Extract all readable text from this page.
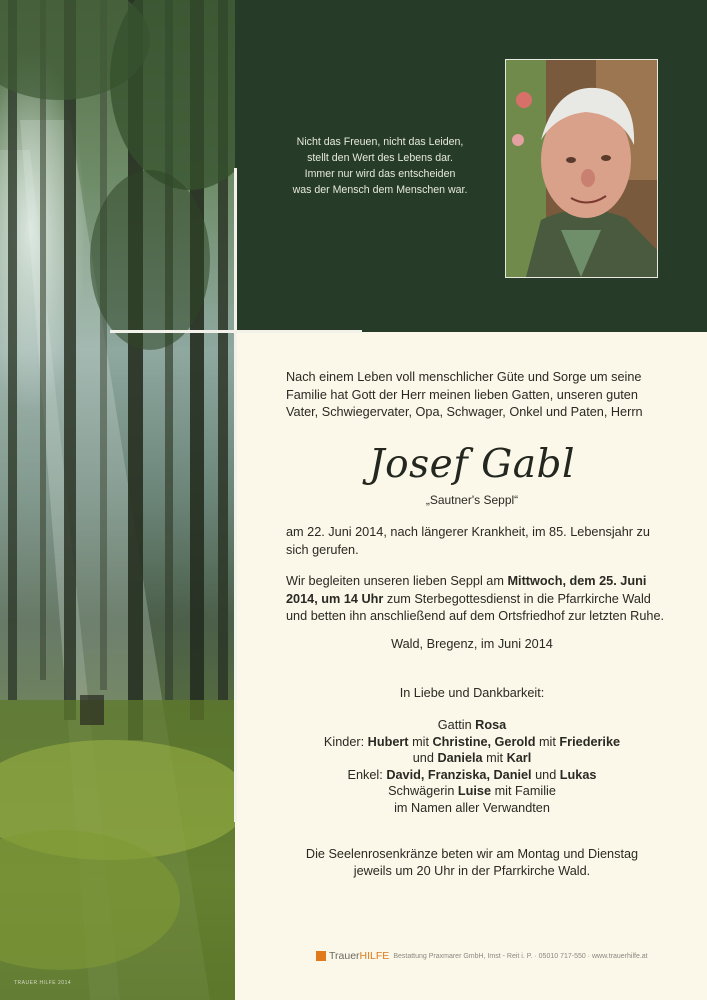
TRAUER HILFE 2014
Nicht das Freuen, nicht das Leiden,
stellt den Wert des Lebens dar.
Immer nur wird das entscheiden
was der Mensch dem Menschen war.
Nach einem Leben voll menschlicher Güte und Sorge um seine
Familie hat Gott der Herr meinen lieben Gatten, unseren guten
Vater, Schwiegervater, Opa, Schwager, Onkel und Paten, Herrn
Josef Gabl
„Sautner's Seppl“
am 22. Juni 2014, nach längerer Krankheit, im 85. Lebensjahr zu
sich gerufen.
Wir begleiten unseren lieben Seppl am Mittwoch, dem 25. Juni
2014, um 14 Uhr zum Sterbegottesdienst in die Pfarrkirche Wald
und betten ihn anschließend auf dem Ortsfriedhof zur letzten Ruhe.
Wald, Bregenz, im Juni 2014
In Liebe und Dankbarkeit:
Gattin Rosa
Kinder: Hubert mit Christine, Gerold mit Friederike
und Daniela mit Karl
Enkel: David, Franziska, Daniel und Lukas
Schwägerin Luise mit Familie
im Namen aller Verwandten
Die Seelenrosenkränze beten wir am Montag und Dienstag
jeweils um 20 Uhr in der Pfarrkirche Wald.
TrauerHILFE Bestattung Praxmarer GmbH, Imst - Reit i. P. · 05010 717-550 · www.trauerhilfe.at
